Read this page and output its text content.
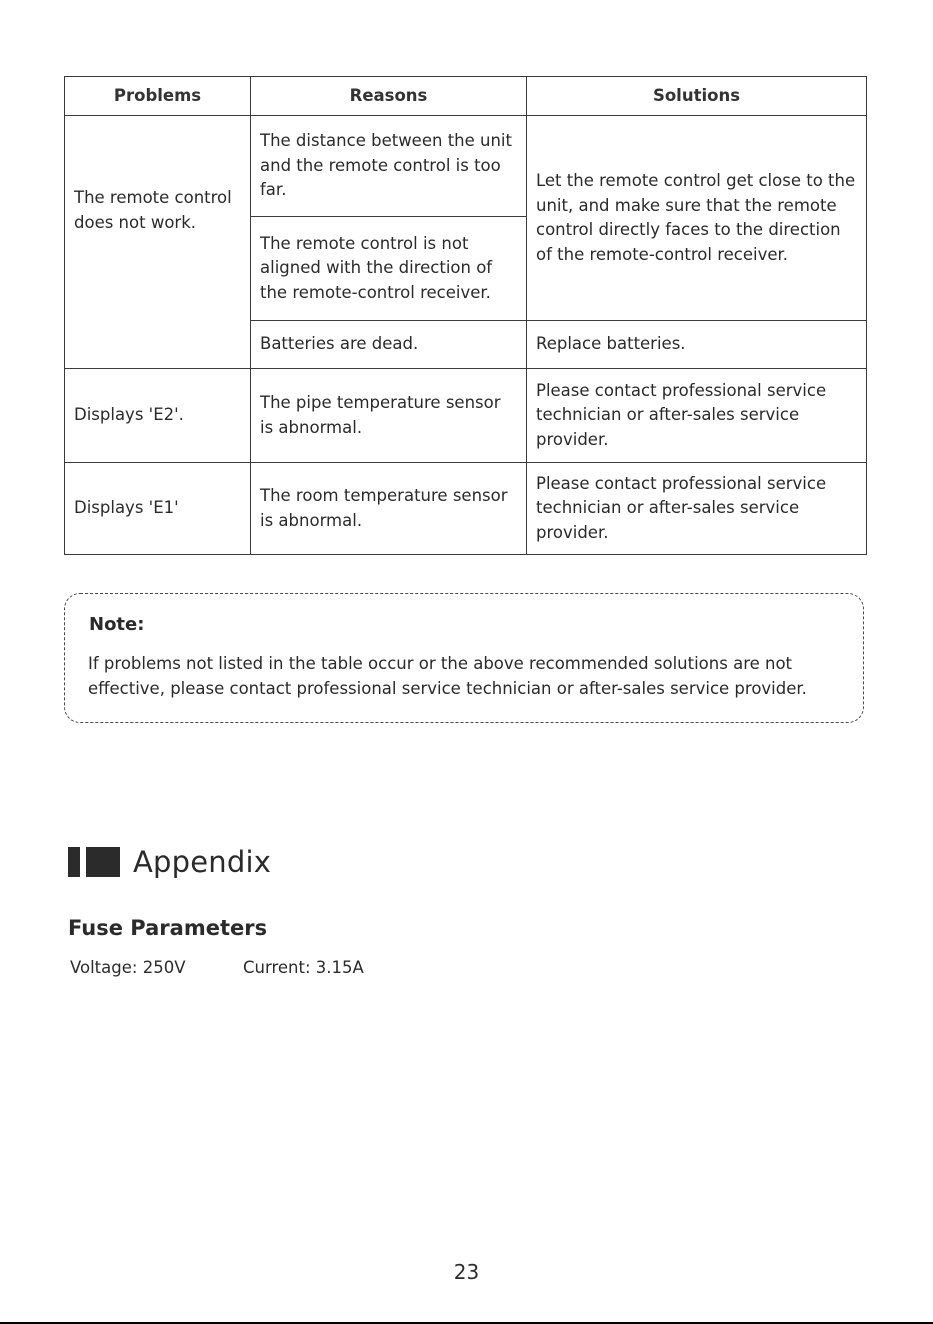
Problems	Reasons	Solutions
The remote control does not work.	The distance between the unit and the remote control is too far.	Let the remote control get close to the unit, and make sure that the remote control directly faces to the direction of the remote-control receiver.
	The remote control is not aligned with the direction of the remote-control receiver.	
	Batteries are dead.	Replace batteries.
Displays 'E2'.	The pipe temperature sensor is abnormal.	Please contact professional service technician or after-sales service provider.
Displays 'E1'	The room temperature sensor is abnormal.	Please contact professional service technician or after-sales service provider.
Note:
If problems not listed in the table occur or the above recommended solutions are not effective, please contact professional service technician or after-sales service provider.
Appendix
Fuse Parameters
Voltage: 250V	Current: 3.15A
23
